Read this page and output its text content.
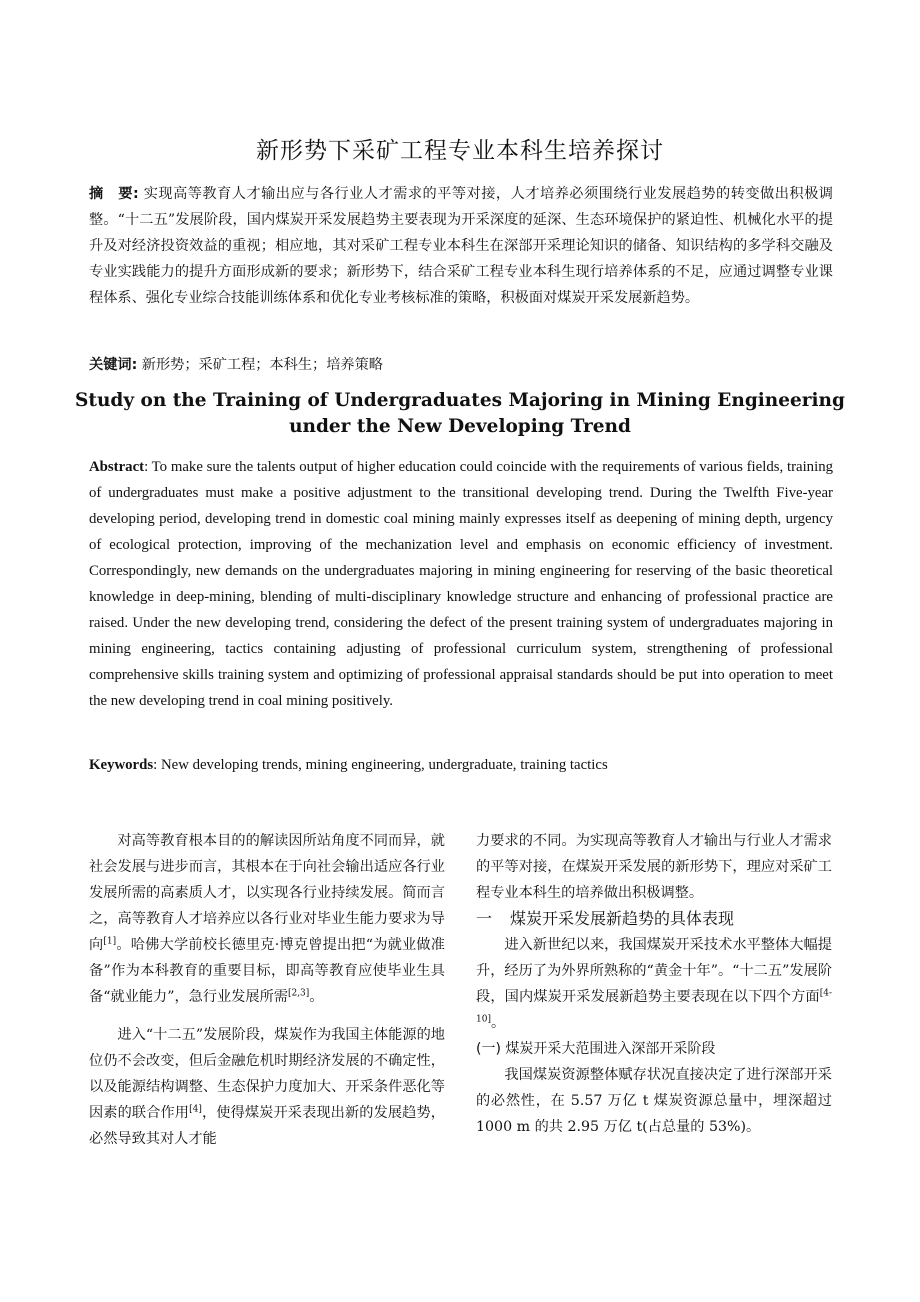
新形势下采矿工程专业本科生培养探讨
摘　要: 实现高等教育人才输出应与各行业人才需求的平等对接，人才培养必须围绕行业发展趋势的转变做出积极调整。“十二五”发展阶段，国内煤炭开采发展趋势主要表现为开采深度的延深、生态环境保护的紧迫性、机械化水平的提升及对经济投资效益的重视；相应地，其对采矿工程专业本科生在深部开采理论知识的储备、知识结构的多学科交融及专业实践能力的提升方面形成新的要求；新形势下，结合采矿工程专业本科生现行培养体系的不足，应通过调整专业课程体系、强化专业综合技能训练体系和优化专业考核标准的策略，积极面对煤炭开采发展新趋势。
关键词: 新形势；采矿工程；本科生；培养策略
Study on the Training of Undergraduates Majoring in Mining Engineering under the New Developing Trend
Abstract: To make sure the talents output of higher education could coincide with the requirements of various fields, training of undergraduates must make a positive adjustment to the transitional developing trend. During the Twelfth Five-year developing period, developing trend in domestic coal mining mainly expresses itself as deepening of mining depth, urgency of ecological protection, improving of the mechanization level and emphasis on economic efficiency of investment. Correspondingly, new demands on the undergraduates majoring in mining engineering for reserving of the basic theoretical knowledge in deep-mining, blending of multi-disciplinary knowledge structure and enhancing of professional practice are raised. Under the new developing trend, considering the defect of the present training system of undergraduates majoring in mining engineering, tactics containing adjusting of professional curriculum system, strengthening of professional comprehensive skills training system and optimizing of professional appraisal standards should be put into operation to meet the new developing trend in coal mining positively.
Keywords: New developing trends, mining engineering, undergraduate, training tactics

对高等教育根本目的的解读因所站角度不同而异，就社会发展与进步而言，其根本在于向社会输出适应各行业发展所需的高素质人才，以实现各行业持续发展。简而言之，高等教育人才培养应以各行业对毕业生能力要求为导向[1]。哈佛大学前校长德里克·博克曾提出把“为就业做准备”作为本科教育的重要目标，即高等教育应使毕业生具备“就业能力”，急行业发展所需[2,3]。

进入“十二五”发展阶段，煤炭作为我国主体能源的地位仍不会改变，但后金融危机时期经济发展的不确定性，以及能源结构调整、生态保护力度加大、开采条件恶化等因素的联合作用[4]，使得煤炭开采表现出新的发展趋势，必然导致其对人才能

力要求的不同。为实现高等教育人才输出与行业人才需求的平等对接，在煤炭开采发展的新形势下，理应对采矿工程专业本科生的培养做出积极调整。

一 煤炭开采发展新趋势的具体表现

进入新世纪以来，我国煤炭开采技术水平整体大幅提升，经历了为外界所熟称的“黄金十年”。“十二五”发展阶段，国内煤炭开采发展新趋势主要表现在以下四个方面[4-10]。

(一) 煤炭开采大范围进入深部开采阶段

我国煤炭资源整体赋存状况直接决定了进行深部开采的必然性，在 5.57 万亿 t 煤炭资源总量中，埋深超过 1000 m 的共 2.95 万亿 t(占总量的 53%)。
